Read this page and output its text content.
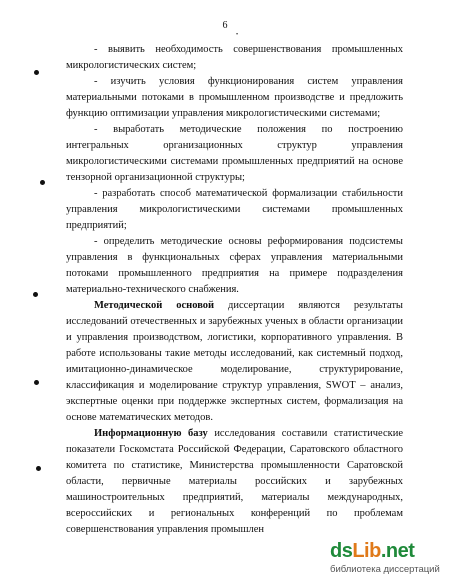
6
•

- выявить необходимость совершенствования промышленных микрологистических систем;

- изучить условия функционирования систем управления материальными потоками в промышленном производстве и предложить функцию оптимизации управления микрологистическими системами;

- выработать методические положения по построению интегральных организационных структур управления микрологистическими системами промышленных предприятий на основе тензорной организационной структуры;

- разработать способ математической формализации стабильности управления микрологистическими системами промышленных предприятий;

- определить методические основы реформирования подсистемы управления в функциональных сферах управления материальными потоками промышленного предприятия на примере подразделения материально-технического снабжения.

Методической основой диссертации являются результаты исследований отечественных и зарубежных ученых в области организации и управления производством, логистики, корпоративного управления. В работе использованы такие методы исследований, как системный подход, имитационно-динамическое моделирование, структурирование, классификация и моделирование структур управления, SWOT – анализ, экспертные оценки при поддержке экспертных систем, формализация на основе математических методов.

Информационную базу исследования составили статистические показатели Госкомстата Российской Федерации, Саратовского областного комитета по статистике, Министерства промышленности Саратовской области, первичные материалы российских и зарубежных машиностроительных предприятий, материалы международных, всероссийских и региональных конференций по проблемам совершенствования управления промышлен

dsLib.net
библиотека диссертаций
